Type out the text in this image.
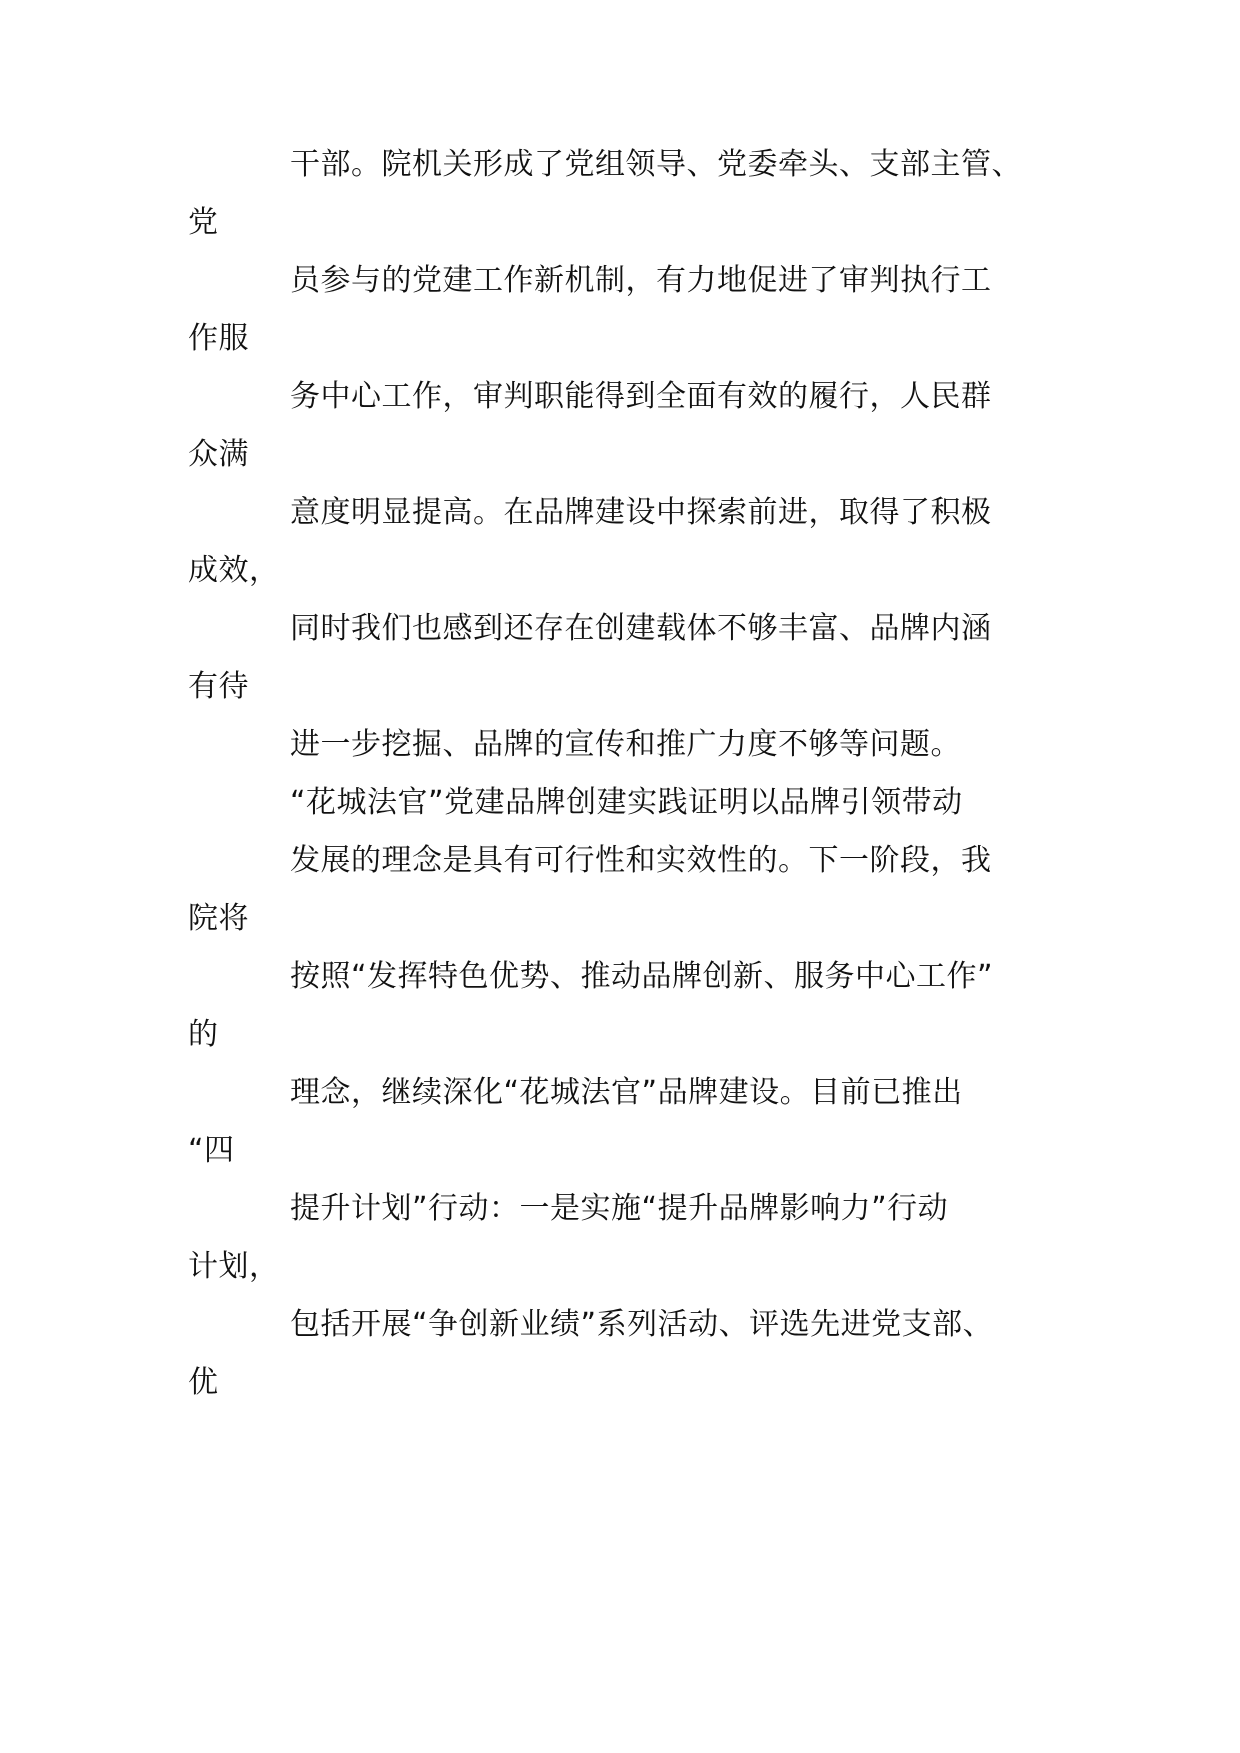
干部。院机关形成了党组领导、党委牵头、支部主管、
党
员参与的党建工作新机制，有力地促进了审判执行工
作服
务中心工作，审判职能得到全面有效的履行，人民群
众满
意度明显提高。在品牌建设中探索前进，取得了积极
成效，
同时我们也感到还存在创建载体不够丰富、品牌内涵
有待
进一步挖掘、品牌的宣传和推广力度不够等问题。
“花城法官”党建品牌创建实践证明以品牌引领带动
发展的理念是具有可行性和实效性的。下一阶段，我
院将
按照“发挥特色优势、推动品牌创新、服务中心工作”
的
理念，继续深化“花城法官”品牌建设。目前已推出
“四
提升计划”行动：一是实施“提升品牌影响力”行动
计划，
包括开展“争创新业绩”系列活动、评选先进党支部、
优
